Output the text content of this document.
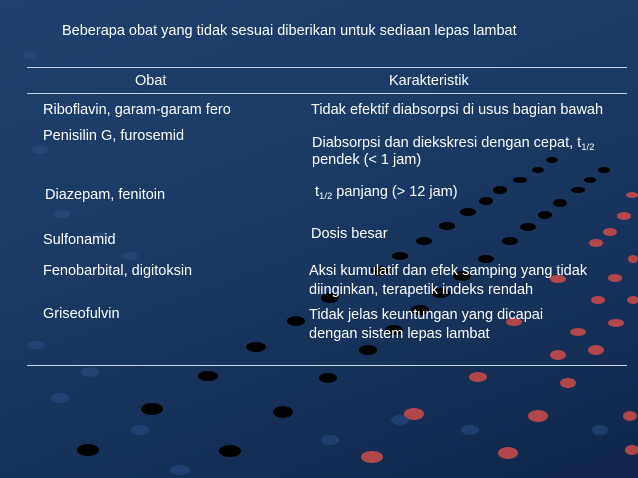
Beberapa obat yang tidak sesuai diberikan untuk sediaan lepas lambat
Obat	Karakteristik
Riboflavin, garam-garam fero	Tidak efektif diabsorpsi di usus bagian bawah
Penisilin G, furosemid	Diabsorpsi dan diekskresi dengan cepat, $t_{1/2}$
pendek (< 1 jam)
Diazepam, fenitoin	$t_{1/2}$ panjang (> 12 jam)
Sulfonamid	Dosis besar
Fenobarbital, digitoksin	Aksi kumulatif dan efek samping yang tidak
diinginkan, terapetik indeks rendah
Griseofulvin	Tidak jelas keuntungan yang dicapai
dengan sistem lepas lambat
